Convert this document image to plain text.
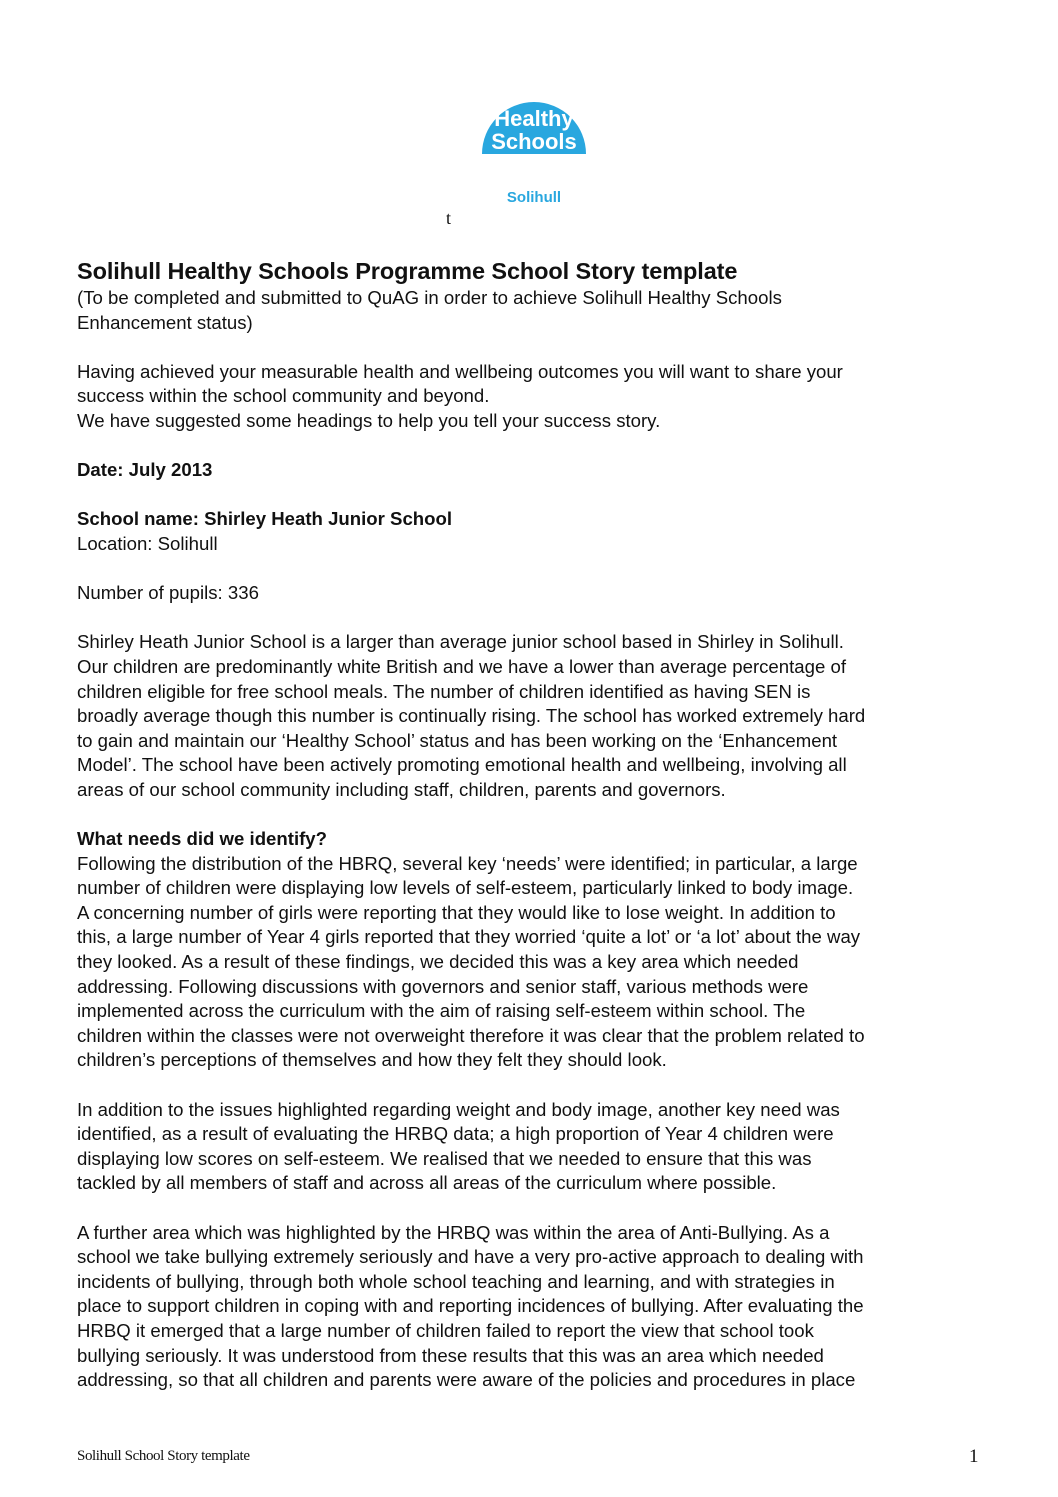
Healthy
Schools
Solihull
t
Solihull Healthy Schools Programme School Story template

(To be completed and submitted to QuAG in order to achieve Solihull Healthy Schools

Enhancement status)

Having achieved your measurable health and wellbeing outcomes you will want to share your

success within the school community and beyond.

We have suggested some headings to help you tell your success story.

Date: July 2013

School name: Shirley Heath Junior School

Location: Solihull

Number of pupils: 336

Shirley Heath Junior School is a larger than average junior school based in Shirley in Solihull.

Our children are predominantly white British and we have a lower than average percentage of

children eligible for free school meals. The number of children identified as having SEN is

broadly average though this number is continually rising. The school has worked extremely hard

to gain and maintain our ‘Healthy School’ status and has been working on the ‘Enhancement

Model’. The school have been actively promoting emotional health and wellbeing, involving all

areas of our school community including staff, children, parents and governors.

What needs did we identify?

Following the distribution of the HBRQ, several key ‘needs’ were identified; in particular, a large

number of children were displaying low levels of self-esteem, particularly linked to body image.

A concerning number of girls were reporting that they would like to lose weight. In addition to

this, a large number of Year 4 girls reported that they worried ‘quite a lot’ or ‘a lot’ about the way

they looked. As a result of these findings, we decided this was a key area which needed

addressing. Following discussions with governors and senior staff, various methods were

implemented across the curriculum with the aim of raising self-esteem within school. The

children within the classes were not overweight therefore it was clear that the problem related to

children’s perceptions of themselves and how they felt they should look.

In addition to the issues highlighted regarding weight and body image, another key need was

identified, as a result of evaluating the HRBQ data; a high proportion of Year 4 children were

displaying low scores on self-esteem. We realised that we needed to ensure that this was

tackled by all members of staff and across all areas of the curriculum where possible.

A further area which was highlighted by the HRBQ was within the area of Anti-Bullying. As a

school we take bullying extremely seriously and have a very pro-active approach to dealing with

incidents of bullying, through both whole school teaching and learning, and with strategies in

place to support children in coping with and reporting incidences of bullying. After evaluating the

HRBQ it emerged that a large number of children failed to report the view that school took

bullying seriously. It was understood from these results that this was an area which needed

addressing, so that all children and parents were aware of the policies and procedures in place

Solihull School Story template	1
